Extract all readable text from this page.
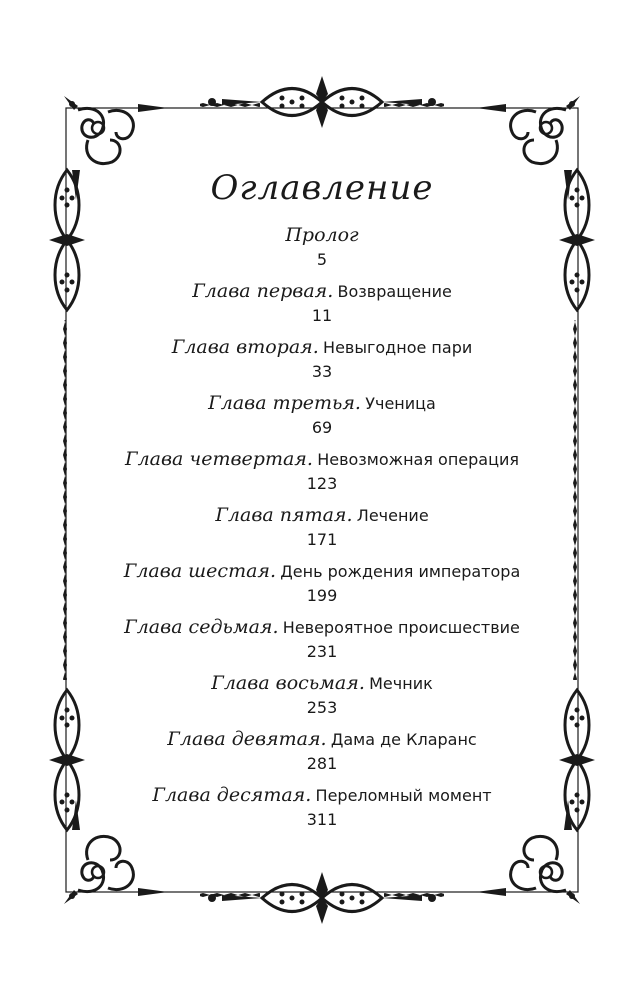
Оглавление
Пролог
5
Глава первая. Возвращение
11
Глава вторая. Невыгодное пари
33
Глава третья. Ученица
69
Глава четвертая. Невозможная операция
123
Глава пятая. Лечение
171
Глава шестая. День рождения императора
199
Глава седьмая. Невероятное происшествие
231
Глава восьмая. Мечник
253
Глава девятая. Дама де Кларанс
281
Глава десятая. Переломный момент
311
